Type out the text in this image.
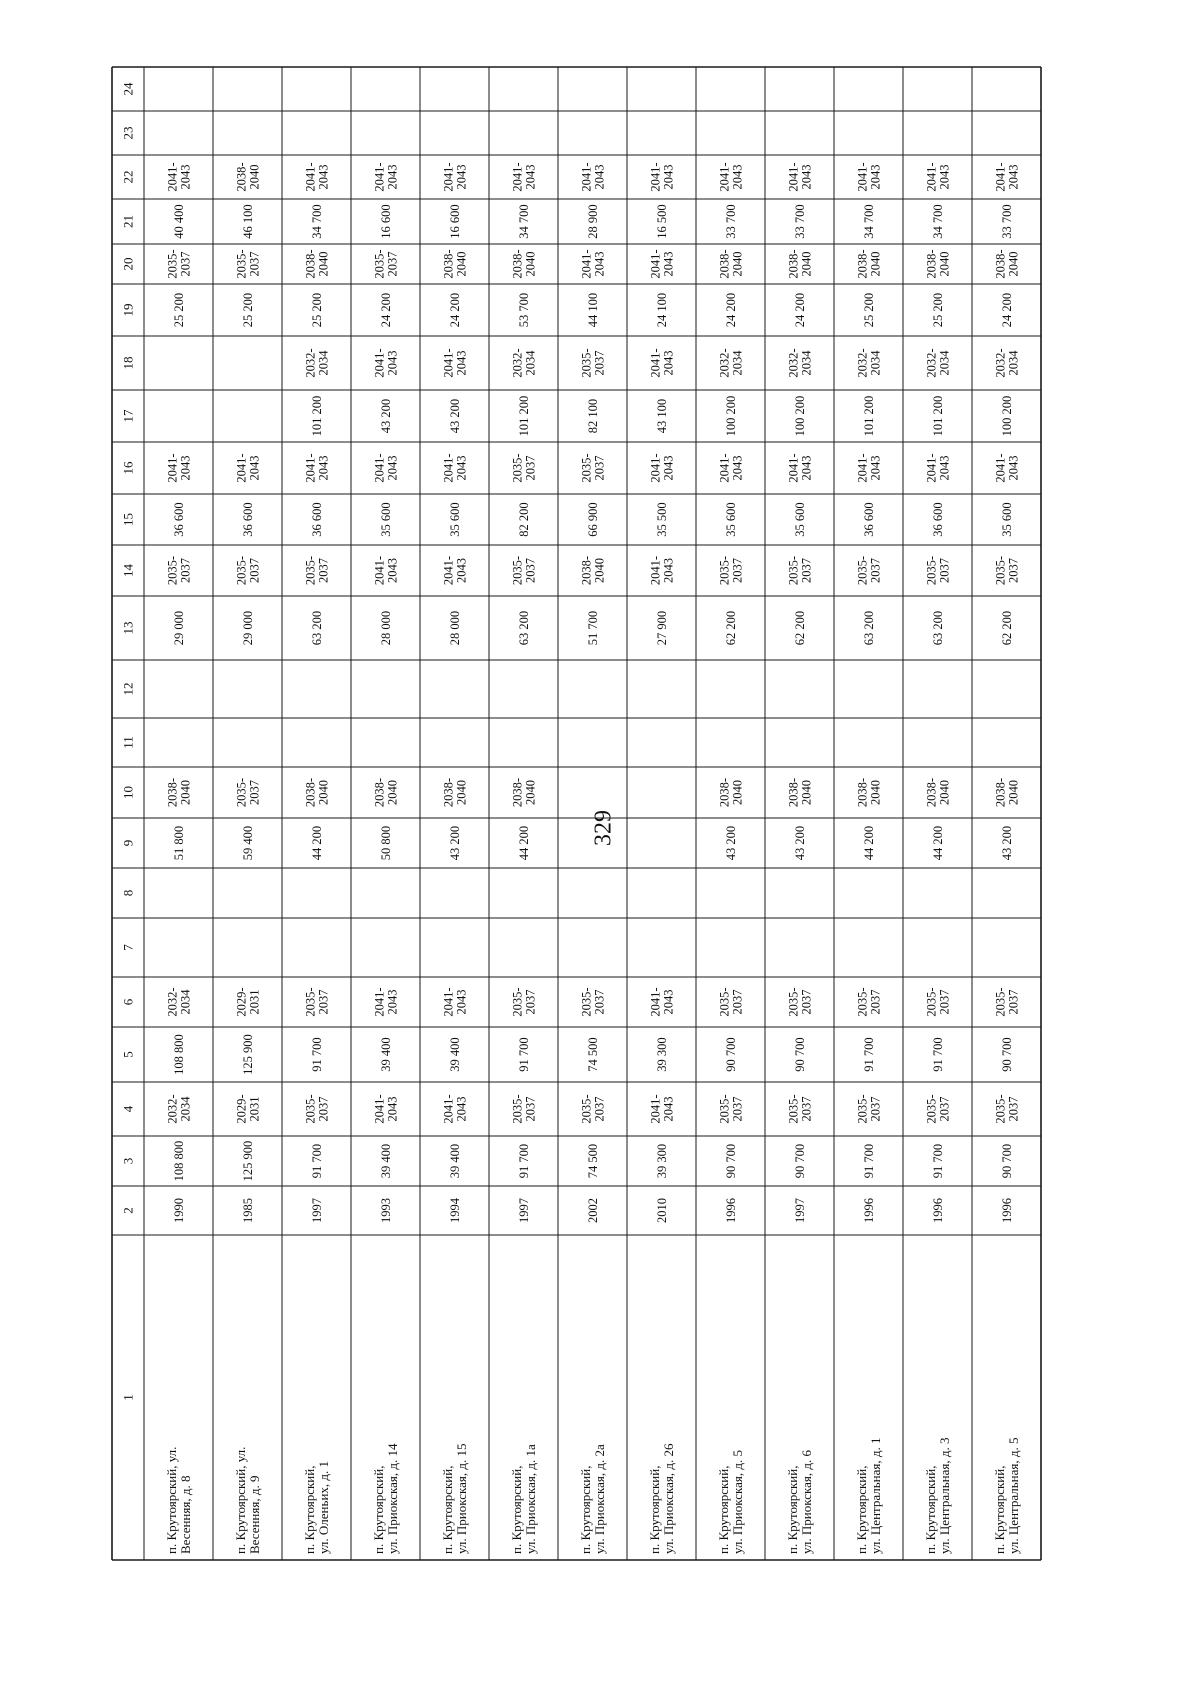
329
1
2
3
4
5
6
7
8
9
10
11
12
13
14
15
16
17
18
19
20
21
22
23
24
п. Крутоярский, ул.Весенняя, д. 8
1990
108 800
2032-2034
108 800
2032-2034
51 800
2038-2040
29 000
2035-2037
36 600
2041-2043
25 200
2035-2037
40 400
2041-2043
п. Крутоярский, ул.Весенняя, д. 9
1985
125 900
2029-2031
125 900
2029-2031
59 400
2035-2037
29 000
2035-2037
36 600
2041-2043
25 200
2035-2037
46 100
2038-2040
п. Крутоярский,ул. Оленьих, д. 1
1997
91 700
2035-2037
91 700
2035-2037
44 200
2038-2040
63 200
2035-2037
36 600
2041-2043
101 200
2032-2034
25 200
2038-2040
34 700
2041-2043
п. Крутоярский,ул. Приокская, д. 14
1993
39 400
2041-2043
39 400
2041-2043
50 800
2038-2040
28 000
2041-2043
35 600
2041-2043
43 200
2041-2043
24 200
2035-2037
16 600
2041-2043
п. Крутоярский,ул. Приокская, д. 15
1994
39 400
2041-2043
39 400
2041-2043
43 200
2038-2040
28 000
2041-2043
35 600
2041-2043
43 200
2041-2043
24 200
2038-2040
16 600
2041-2043
п. Крутоярский,ул. Приокская, д. 1а
1997
91 700
2035-2037
91 700
2035-2037
44 200
2038-2040
63 200
2035-2037
82 200
2035-2037
101 200
2032-2034
53 700
2038-2040
34 700
2041-2043
п. Крутоярский,ул. Приокская, д. 2а
2002
74 500
2035-2037
74 500
2035-2037
51 700
2038-2040
66 900
2035-2037
82 100
2035-2037
44 100
2041-2043
28 900
2041-2043
п. Крутоярский,ул. Приокская, д. 26
2010
39 300
2041-2043
39 300
2041-2043
27 900
2041-2043
35 500
2041-2043
43 100
2041-2043
24 100
2041-2043
16 500
2041-2043
п. Крутоярский,ул. Приокская, д. 5
1996
90 700
2035-2037
90 700
2035-2037
43 200
2038-2040
62 200
2035-2037
35 600
2041-2043
100 200
2032-2034
24 200
2038-2040
33 700
2041-2043
п. Крутоярский,ул. Приокская, д. 6
1997
90 700
2035-2037
90 700
2035-2037
43 200
2038-2040
62 200
2035-2037
35 600
2041-2043
100 200
2032-2034
24 200
2038-2040
33 700
2041-2043
п. Крутоярский,ул. Центральная, д. 1
1996
91 700
2035-2037
91 700
2035-2037
44 200
2038-2040
63 200
2035-2037
36 600
2041-2043
101 200
2032-2034
25 200
2038-2040
34 700
2041-2043
п. Крутоярский,ул. Центральная, д. 3
1996
91 700
2035-2037
91 700
2035-2037
44 200
2038-2040
63 200
2035-2037
36 600
2041-2043
101 200
2032-2034
25 200
2038-2040
34 700
2041-2043
п. Крутоярский,ул. Центральная, д. 5
1996
90 700
2035-2037
90 700
2035-2037
43 200
2038-2040
62 200
2035-2037
35 600
2041-2043
100 200
2032-2034
24 200
2038-2040
33 700
2041-2043
